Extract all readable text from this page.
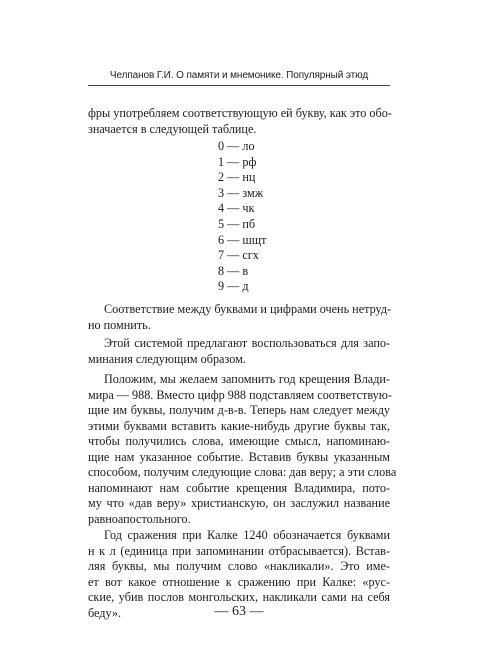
Челпанов Г.И. О памяти и мнемонике. Популярный этюд
фры употребляем соответствующую ей букву, как это обо-
значается в следующей таблице.
0 — ло
1 — рф
2 — нц
3 — змж
4 — чк
5 — пб
6 — шщт
7 — сгх
8 — в
9 — д
Соответствие между буквами и цифрами очень нетруд-
но помнить.
Этой системой предлагают воспользоваться для запо-
минания следующим образом.
Положим, мы желаем запомнить год крещения Влади-
мира — 988. Вместо цифр 988 подставляем соответствую-
щие им буквы, получим д-в-в. Теперь нам следует между
этими буквами вставить какие-нибудь другие буквы так,
чтобы получились слова, имеющие смысл, напоминаю-
щие нам указанное событие. Вставив буквы указанным
способом, получим следующие слова: дав веру; а эти слова
напоминают нам событие крещения Владимира, пото-
му что «дав веру» христианскую, он заслужил название
равноапостольного.
Год сражения при Калке 1240 обозначается буквами
н к л (единица при запоминании отбрасывается). Встав-
ляя буквы, мы получим слово «накликали». Это име-
ет вот какое отношение к сражению при Калке: «рус-
ские, убив послов монгольских, накликали сами на себя
беду».	— 63 —
